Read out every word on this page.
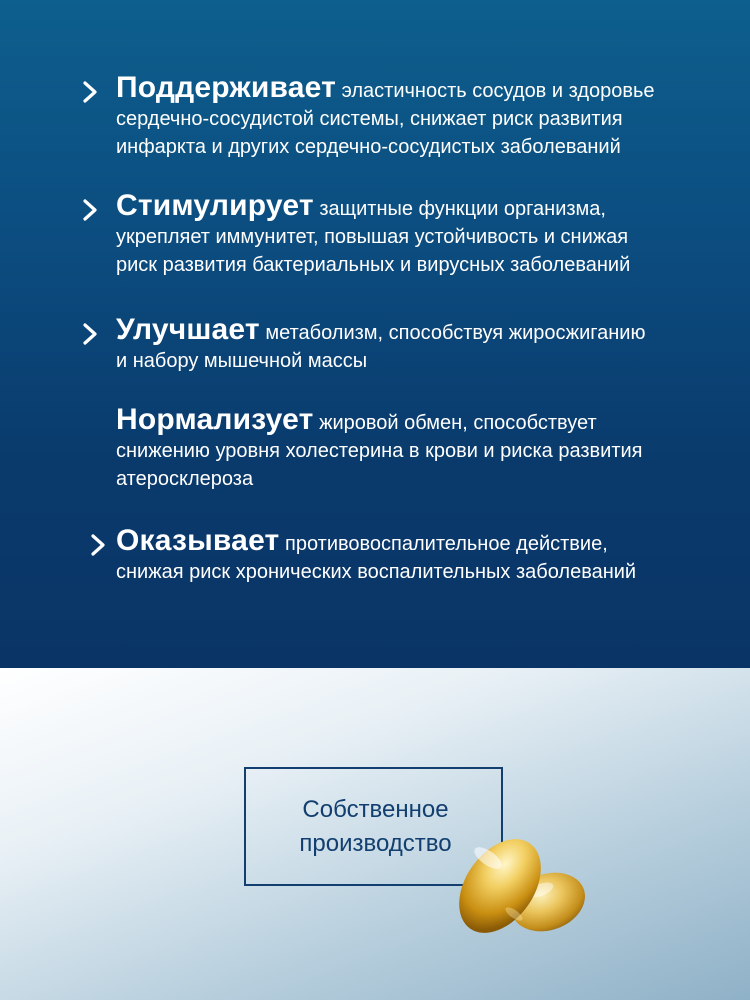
Поддерживает эластичность сосудов и здоровье
сердечно-сосудистой системы, снижает риск развития
инфаркта и других сердечно-сосудистых заболеваний
Стимулирует защитные функции организма,
укрепляет иммунитет, повышая устойчивость и снижая
риск развития бактериальных и вирусных заболеваний
Улучшает метаболизм, способствуя жиросжиганию
и набору мышечной массы
Нормализует жировой обмен, способствует
снижению уровня холестерина в крови и риска развития
атеросклероза
Оказывает противовоспалительное действие,
снижая риск хронических воспалительных заболеваний
Собственное
производство
